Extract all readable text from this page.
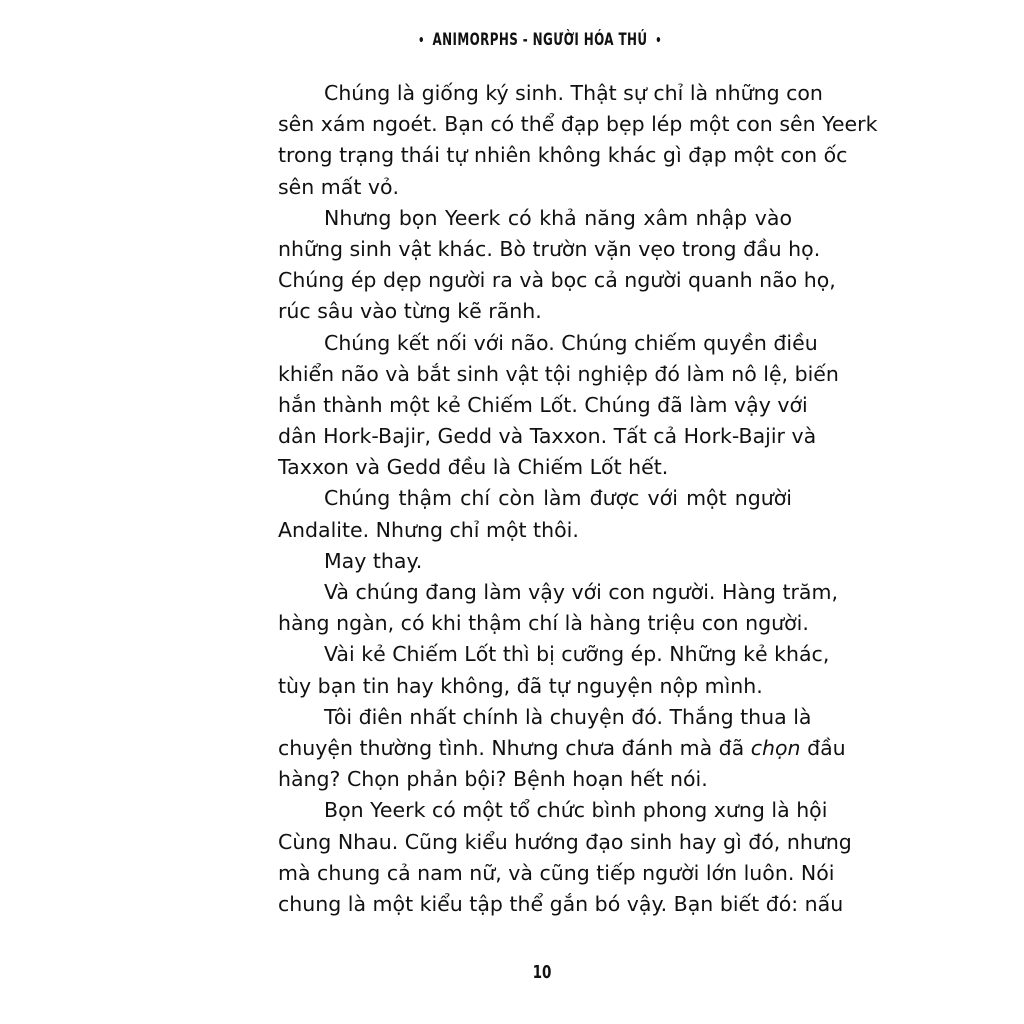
• ANIMORPHS - NGƯỜI HÓA THÚ •
Chúng là giống ký sinh. Thật sự chỉ là những con
sên xám ngoét. Bạn có thể đạp bẹp lép một con sên Yeerk
trong trạng thái tự nhiên không khác gì đạp một con ốc
sên mất vỏ.
Nhưng bọn Yeerk có khả năng xâm nhập vào
những sinh vật khác. Bò trườn vặn vẹo trong đầu họ.
Chúng ép dẹp người ra và bọc cả người quanh não họ,
rúc sâu vào từng kẽ rãnh.
Chúng kết nối với não. Chúng chiếm quyền điều
khiển não và bắt sinh vật tội nghiệp đó làm nô lệ, biến
hắn thành một kẻ Chiếm Lốt. Chúng đã làm vậy với
dân Hork-Bajir, Gedd và Taxxon. Tất cả Hork-Bajir và
Taxxon và Gedd đều là Chiếm Lốt hết.
Chúng thậm chí còn làm được với một người
Andalite. Nhưng chỉ một thôi.
May thay.
Và chúng đang làm vậy với con người. Hàng trăm,
hàng ngàn, có khi thậm chí là hàng triệu con người.
Vài kẻ Chiếm Lốt thì bị cưỡng ép. Những kẻ khác,
tùy bạn tin hay không, đã tự nguyện nộp mình.
Tôi điên nhất chính là chuyện đó. Thắng thua là
chuyện thường tình. Nhưng chưa đánh mà đã chọn đầu
hàng? Chọn phản bội? Bệnh hoạn hết nói.
Bọn Yeerk có một tổ chức bình phong xưng là hội
Cùng Nhau. Cũng kiểu hướng đạo sinh hay gì đó, nhưng
mà chung cả nam nữ, và cũng tiếp người lớn luôn. Nói
chung là một kiểu tập thể gắn bó vậy. Bạn biết đó: nấu
10
